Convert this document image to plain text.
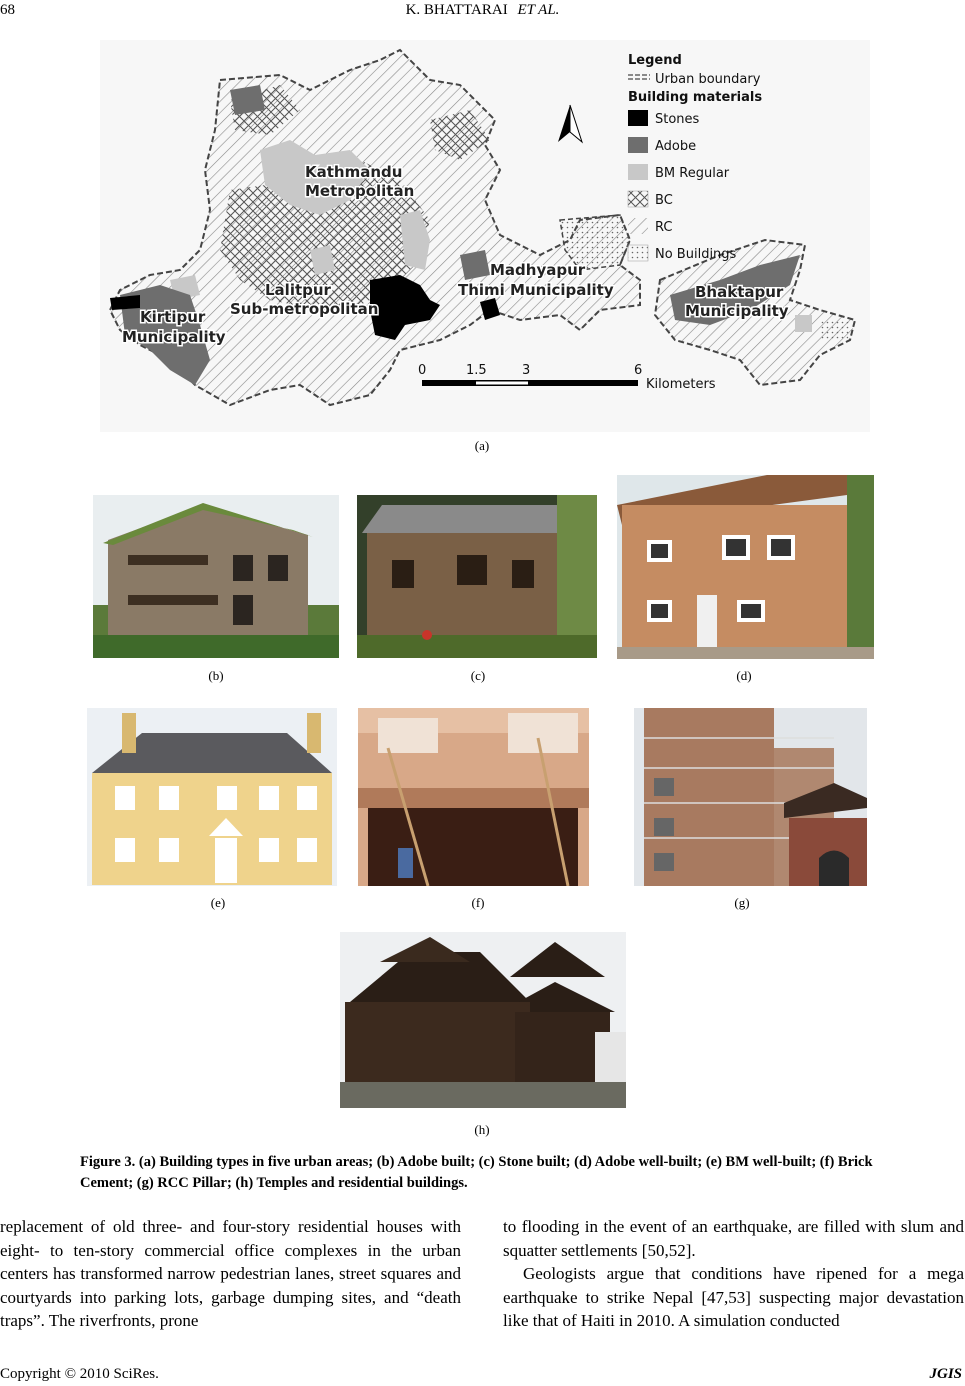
68	K. BHATTARAI ET AL.
Kathmandu
Metropolitan
Lalitpur
Sub-metropolitan
Kirtipur
Municipality
Madhyapur
Thimi Municipality	Bhaktapur
Municipality
Legend
Urban boundary
Building materials
Stones
Adobe
BM Regular
BC
RC
No Buildings
0	1.5	3	6
Kilometers
(a)
(b)	(c)	(d)
(e)	(f)	(g)
(h)
Figure 3. (a) Building types in five urban areas; (b) Adobe built; (c) Stone built; (d) Adobe well-built; (e) BM well-built; (f) Brick Cement; (g) RCC Pillar; (h) Temples and residential buildings.

replacement of old three- and four-story residential houses with eight- to ten-story commercial office complexes in the urban centers has transformed narrow pedestrian lanes, street squares and courtyards into parking lots, garbage dumping sites, and “death traps”. The riverfronts, prone

to flooding in the event of an earthquake, are filled with slum and squatter settlements [50,52].

Geologists argue that conditions have ripened for a mega earthquake to strike Nepal [47,53] suspecting major devastation like that of Haiti in 2010. A simulation conducted

Copyright © 2010 SciRes.	JGIS
